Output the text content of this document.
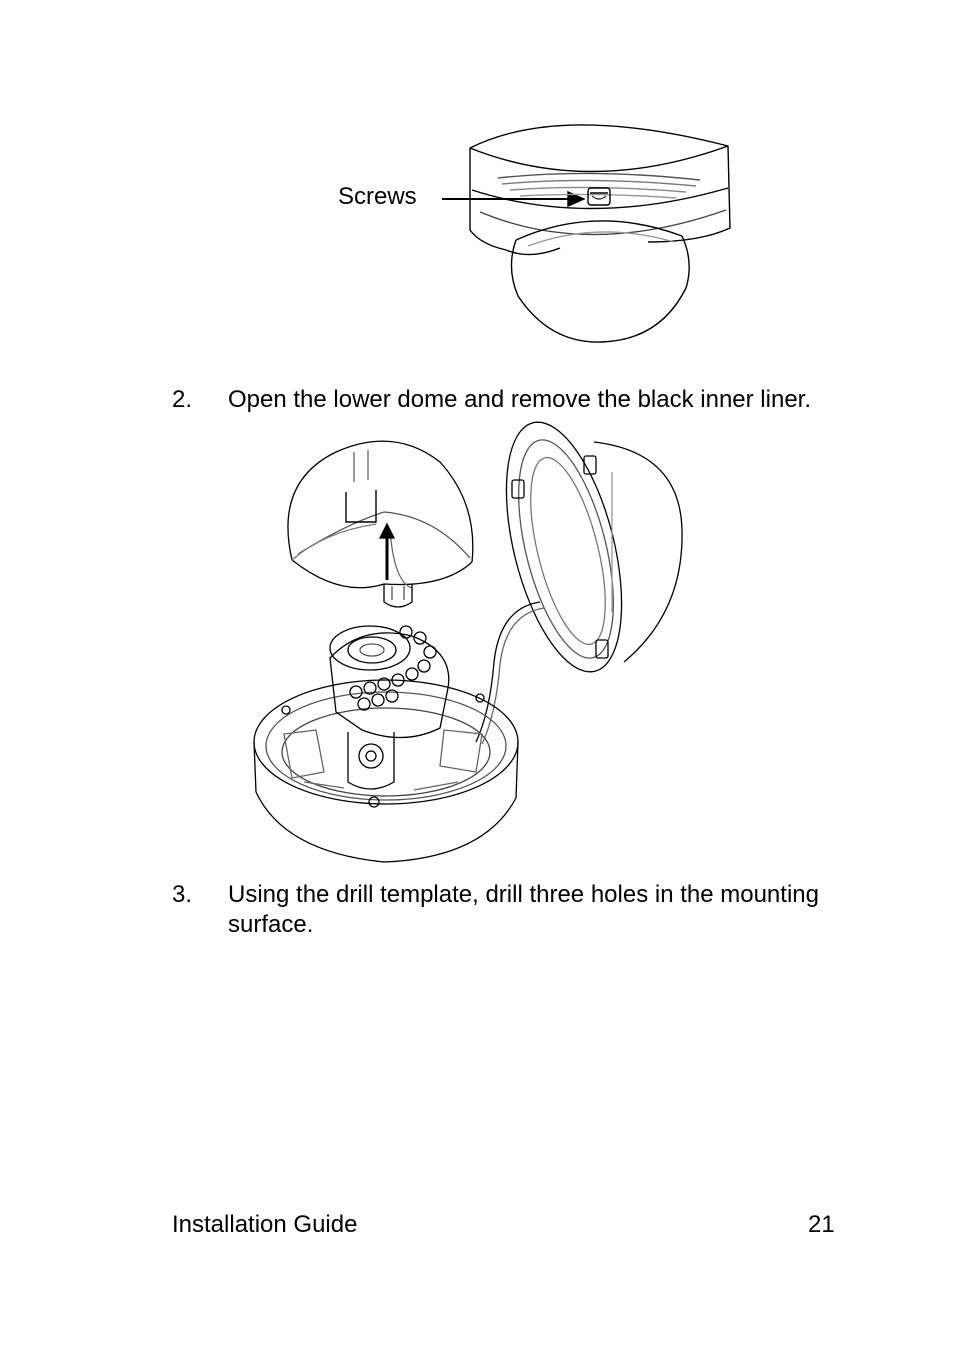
Screws
2. Open the lower dome and remove the black inner liner.
3. Using the drill template, drill three holes in the mounting
surface.
Installation Guide	21
